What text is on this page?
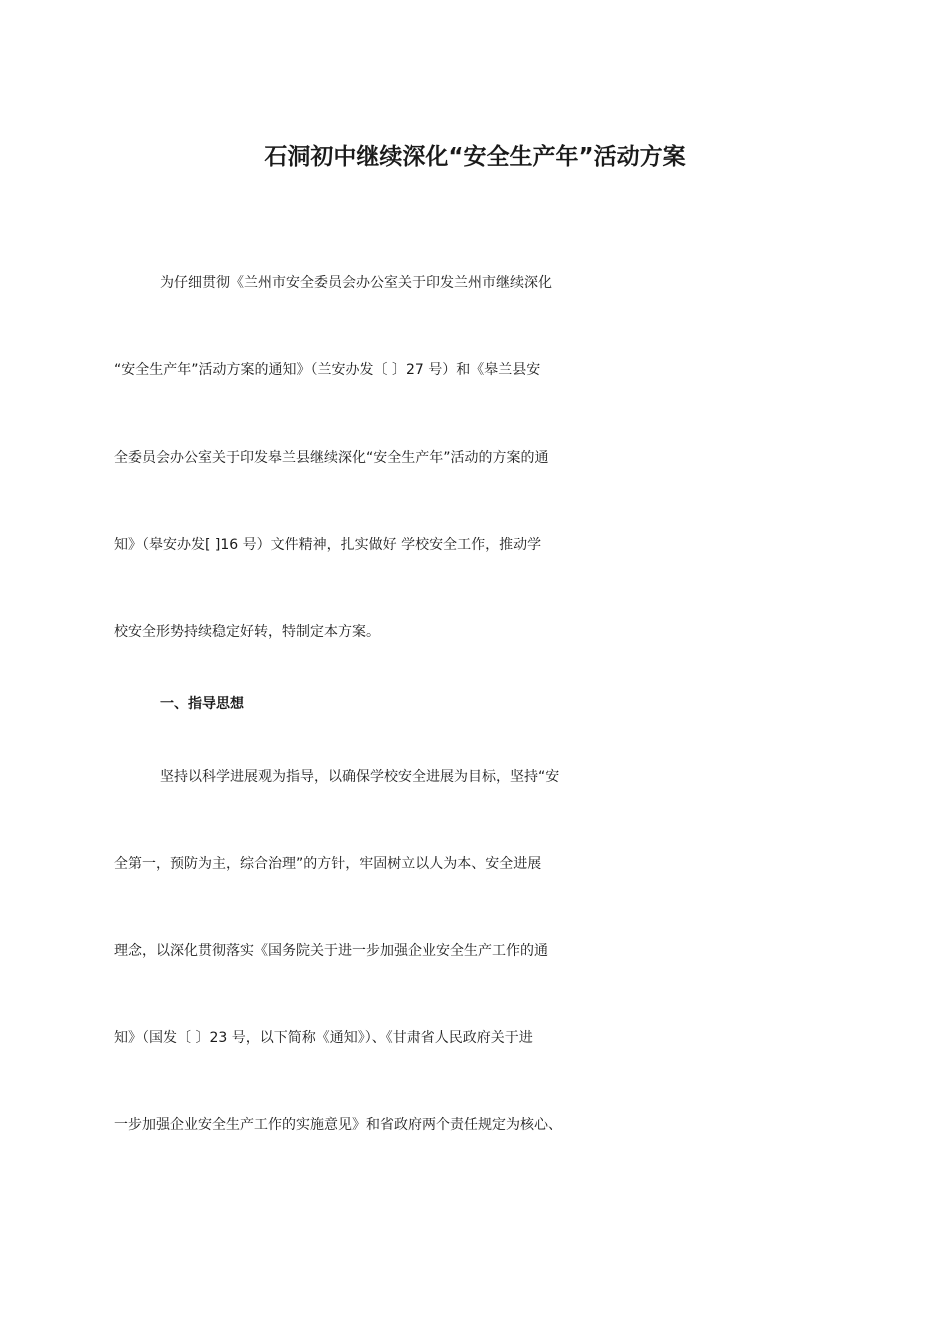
石洞初中继续深化“安全生产年”活动方案
为仔细贯彻《兰州市安全委员会办公室关于印发兰州市继续深化
“安全生产年”活动方案的通知》（兰安办发〔 〕27 号）和《皋兰县安
全委员会办公室关于印发皋兰县继续深化“安全生产年”活动的方案的通
知》（皋安办发[ ]16 号）文件精神，扎实做好 学校安全工作，推动学
校安全形势持续稳定好转，特制定本方案。
一、指导思想
坚持以科学进展观为指导，以确保学校安全进展为目标，坚持“安
全第一，预防为主，综合治理”的方针，牢固树立以人为本、安全进展
理念，以深化贯彻落实《国务院关于进一步加强企业安全生产工作的通
知》（国发〔 〕23 号，以下简称《通知》）、《甘肃省人民政府关于进
一步加强企业安全生产工作的实施意见》和省政府两个责任规定为核心、
